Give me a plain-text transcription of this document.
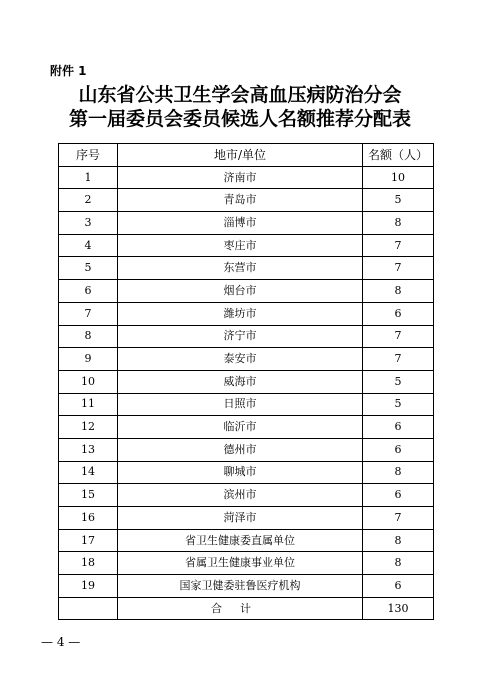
附件 1
山东省公共卫生学会高血压病防治分会
第一届委员会委员候选人名额推荐分配表
序号	地市/单位	名额（人）
1	济南市	10
2	青岛市	5
3	淄博市	8
4	枣庄市	7
5	东营市	7
6	烟台市	8
7	潍坊市	6
8	济宁市	7
9	泰安市	7
10	威海市	5
11	日照市	5
12	临沂市	6
13	德州市	6
14	聊城市	8
15	滨州市	6
16	菏泽市	7
17	省卫生健康委直属单位	8
18	省属卫生健康事业单位	8
19	国家卫健委驻鲁医疗机构	6
	合计	130
— 4 —
